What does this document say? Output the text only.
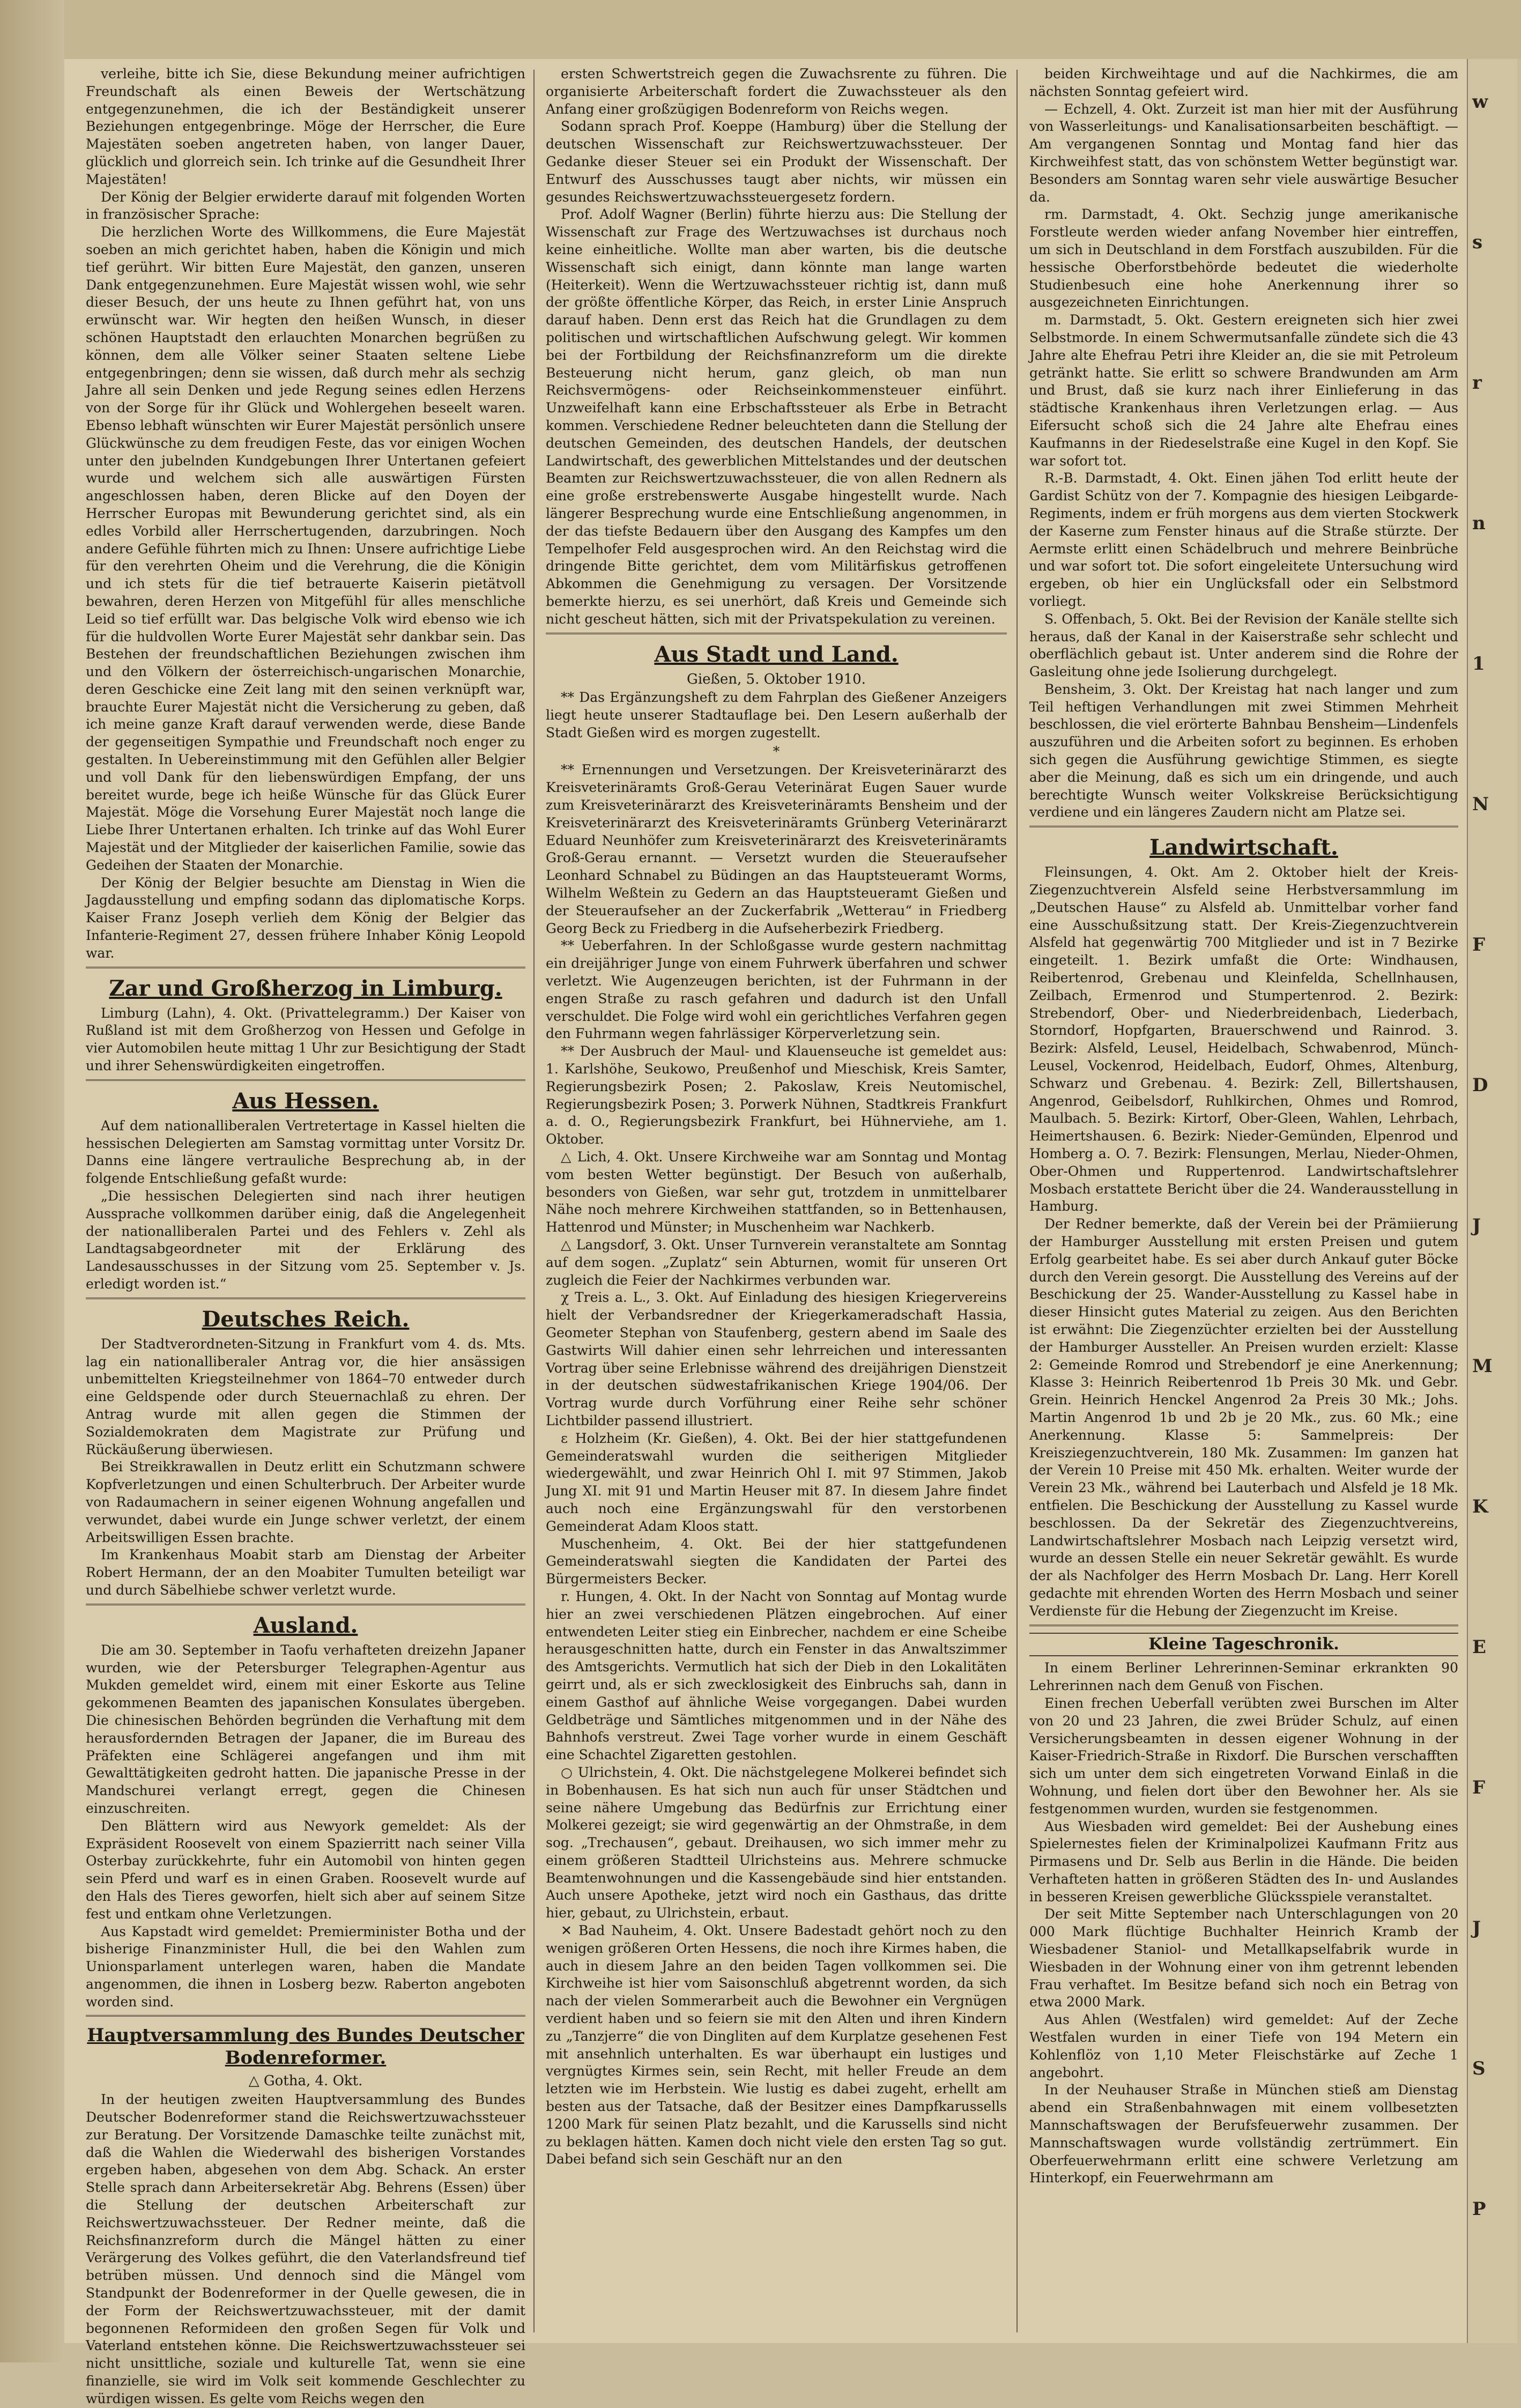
verleihe, bitte ich Sie, diese Bekundung meiner aufrichtigen Freundschaft als einen Beweis der Wertschätzung entgegenzunehmen, die ich der Beständigkeit unserer Beziehungen entgegenbringe. Möge der Herrscher, die Eure Majestäten soeben angetreten haben, von langer Dauer, glücklich und glorreich sein. Ich trinke auf die Gesundheit Ihrer Majestäten!

Der König der Belgier erwiderte darauf mit folgenden Worten in französischer Sprache:

Die herzlichen Worte des Willkommens, die Eure Majestät soeben an mich gerichtet haben, haben die Königin und mich tief gerührt. Wir bitten Eure Majestät, den ganzen, unseren Dank entgegenzunehmen. Eure Majestät wissen wohl, wie sehr dieser Besuch, der uns heute zu Ihnen geführt hat, von uns erwünscht war. Wir hegten den heißen Wunsch, in dieser schönen Hauptstadt den erlauchten Monarchen begrüßen zu können, dem alle Völker seiner Staaten seltene Liebe entgegenbringen; denn sie wissen, daß durch mehr als sechzig Jahre all sein Denken und jede Regung seines edlen Herzens von der Sorge für ihr Glück und Wohlergehen beseelt waren. Ebenso lebhaft wünschten wir Eurer Majestät persönlich unsere Glückwünsche zu dem freudigen Feste, das vor einigen Wochen unter den jubelnden Kundgebungen Ihrer Untertanen gefeiert wurde und welchem sich alle auswärtigen Fürsten angeschlossen haben, deren Blicke auf den Doyen der Herrscher Europas mit Bewunderung gerichtet sind, als ein edles Vorbild aller Herrschertugenden, darzubringen. Noch andere Gefühle führten mich zu Ihnen: Unsere aufrichtige Liebe für den verehrten Oheim und die Verehrung, die die Königin und ich stets für die tief betrauerte Kaiserin pietätvoll bewahren, deren Herzen von Mitgefühl für alles menschliche Leid so tief erfüllt war. Das belgische Volk wird ebenso wie ich für die huldvollen Worte Eurer Majestät sehr dankbar sein. Das Bestehen der freundschaftlichen Beziehungen zwischen ihm und den Völkern der österreichisch-ungarischen Monarchie, deren Geschicke eine Zeit lang mit den seinen verknüpft war, brauchte Eurer Majestät nicht die Versicherung zu geben, daß ich meine ganze Kraft darauf verwenden werde, diese Bande der gegenseitigen Sympathie und Freundschaft noch enger zu gestalten. In Uebereinstimmung mit den Gefühlen aller Belgier und voll Dank für den liebenswürdigen Empfang, der uns bereitet wurde, bege ich heiße Wünsche für das Glück Eurer Majestät. Möge die Vorsehung Eurer Majestät noch lange die Liebe Ihrer Untertanen erhalten. Ich trinke auf das Wohl Eurer Majestät und der Mitglieder der kaiserlichen Familie, sowie das Gedeihen der Staaten der Monarchie.

Der König der Belgier besuchte am Dienstag in Wien die Jagdausstellung und empfing sodann das diplomatische Korps. Kaiser Franz Joseph verlieh dem König der Belgier das Infanterie-Regiment 27, dessen frühere Inhaber König Leopold war.

Zar und Großherzog in Limburg.

Limburg (Lahn), 4. Okt. (Privattelegramm.) Der Kaiser von Rußland ist mit dem Großherzog von Hessen und Gefolge in vier Automobilen heute mittag 1 Uhr zur Besichtigung der Stadt und ihrer Sehenswürdigkeiten eingetroffen.

Aus Hessen.

Auf dem nationalliberalen Vertretertage in Kassel hielten die hessischen Delegierten am Samstag vormittag unter Vorsitz Dr. Danns eine längere vertrauliche Besprechung ab, in der folgende Entschließung gefaßt wurde:

„Die hessischen Delegierten sind nach ihrer heutigen Aussprache vollkommen darüber einig, daß die Angelegenheit der nationalliberalen Partei und des Fehlers v. Zehl als Landtagsabgeordneter mit der Erklärung des Landesausschusses in der Sitzung vom 25. September v. Js. erledigt worden ist.“

Deutsches Reich.

Der Stadtverordneten-Sitzung in Frankfurt vom 4. ds. Mts. lag ein nationalliberaler Antrag vor, die hier ansässigen unbemittelten Kriegsteilnehmer von 1864–70 entweder durch eine Geldspende oder durch Steuernachlaß zu ehren. Der Antrag wurde mit allen gegen die Stimmen der Sozialdemokraten dem Magistrate zur Prüfung und Rückäußerung überwiesen.

Bei Streikkrawallen in Deutz erlitt ein Schutzmann schwere Kopfverletzungen und einen Schulterbruch. Der Arbeiter wurde von Radaumachern in seiner eigenen Wohnung angefallen und verwundet, dabei wurde ein Junge schwer verletzt, der einem Arbeitswilligen Essen brachte.

Im Krankenhaus Moabit starb am Dienstag der Arbeiter Robert Hermann, der an den Moabiter Tumulten beteiligt war und durch Säbelhiebe schwer verletzt wurde.

Ausland.

Die am 30. September in Taofu verhafteten dreizehn Japaner wurden, wie der Petersburger Telegraphen-Agentur aus Mukden gemeldet wird, einem mit einer Eskorte aus Teline gekommenen Beamten des japanischen Konsulates übergeben. Die chinesischen Behörden begründen die Verhaftung mit dem herausfordernden Betragen der Japaner, die im Bureau des Präfekten eine Schlägerei angefangen und ihm mit Gewalttätigkeiten gedroht hatten. Die japanische Presse in der Mandschurei verlangt erregt, gegen die Chinesen einzuschreiten.

Den Blättern wird aus Newyork gemeldet: Als der Expräsident Roosevelt von einem Spazierritt nach seiner Villa Osterbay zurückkehrte, fuhr ein Automobil von hinten gegen sein Pferd und warf es in einen Graben. Roosevelt wurde auf den Hals des Tieres geworfen, hielt sich aber auf seinem Sitze fest und entkam ohne Verletzungen.

Aus Kapstadt wird gemeldet: Premierminister Botha und der bisherige Finanzminister Hull, die bei den Wahlen zum Unionsparlament unterlegen waren, haben die Mandate angenommen, die ihnen in Losberg bezw. Raberton angeboten worden sind.

Hauptversammlung des Bundes Deutscher Bodenreformer.
△ Gotha, 4. Okt.

In der heutigen zweiten Hauptversammlung des Bundes Deutscher Bodenreformer stand die Reichswertzuwachssteuer zur Beratung. Der Vorsitzende Damaschke teilte zunächst mit, daß die Wahlen die Wiederwahl des bisherigen Vorstandes ergeben haben, abgesehen von dem Abg. Schack. An erster Stelle sprach dann Arbeitersekretär Abg. Behrens (Essen) über die Stellung der deutschen Arbeiterschaft zur Reichswertzuwachssteuer. Der Redner meinte, daß die Reichsfinanzreform durch die Mängel hätten zu einer Verärgerung des Volkes geführt, die den Vaterlandsfreund tief betrüben müssen. Und dennoch sind die Mängel vom Standpunkt der Bodenreformer in der Quelle gewesen, die in der Form der Reichswertzuwachssteuer, mit der damit begonnenen Reformideen den großen Segen für Volk und Vaterland entstehen könne. Die Reichswertzuwachssteuer sei nicht unsittliche, soziale und kulturelle Tat, wenn sie eine finanzielle, sie wird im Volk seit kommende Geschlechter zu würdigen wissen. Es gelte vom Reichs wegen den

ersten Schwertstreich gegen die Zuwachsrente zu führen. Die organisierte Arbeiterschaft fordert die Zuwachssteuer als den Anfang einer großzügigen Bodenreform von Reichs wegen.

Sodann sprach Prof. Koeppe (Hamburg) über die Stellung der deutschen Wissenschaft zur Reichswertzuwachssteuer. Der Gedanke dieser Steuer sei ein Produkt der Wissenschaft. Der Entwurf des Ausschusses taugt aber nichts, wir müssen ein gesundes Reichswertzuwachssteuergesetz fordern.

Prof. Adolf Wagner (Berlin) führte hierzu aus: Die Stellung der Wissenschaft zur Frage des Wertzuwachses ist durchaus noch keine einheitliche. Wollte man aber warten, bis die deutsche Wissenschaft sich einigt, dann könnte man lange warten (Heiterkeit). Wenn die Wertzuwachssteuer richtig ist, dann muß der größte öffentliche Körper, das Reich, in erster Linie Anspruch darauf haben. Denn erst das Reich hat die Grundlagen zu dem politischen und wirtschaftlichen Aufschwung gelegt. Wir kommen bei der Fortbildung der Reichsfinanzreform um die direkte Besteuerung nicht herum, ganz gleich, ob man nun Reichsvermögens- oder Reichseinkommensteuer einführt. Unzweifelhaft kann eine Erbschaftssteuer als Erbe in Betracht kommen. Verschiedene Redner beleuchteten dann die Stellung der deutschen Gemeinden, des deutschen Handels, der deutschen Landwirtschaft, des gewerblichen Mittelstandes und der deutschen Beamten zur Reichswertzuwachssteuer, die von allen Rednern als eine große erstrebenswerte Ausgabe hingestellt wurde. Nach längerer Besprechung wurde eine Entschließung angenommen, in der das tiefste Bedauern über den Ausgang des Kampfes um den Tempelhofer Feld ausgesprochen wird. An den Reichstag wird die dringende Bitte gerichtet, dem vom Militärfiskus getroffenen Abkommen die Genehmigung zu versagen. Der Vorsitzende bemerkte hierzu, es sei unerhört, daß Kreis und Gemeinde sich nicht gescheut hätten, sich mit der Privatspekulation zu vereinen.

Aus Stadt und Land.
Gießen, 5. Oktober 1910.

** Das Ergänzungsheft zu dem Fahrplan des Gießener Anzeigers liegt heute unserer Stadtauflage bei. Den Lesern außerhalb der Stadt Gießen wird es morgen zugestellt.

*

** Ernennungen und Versetzungen. Der Kreisveterinärarzt des Kreisveterinäramts Groß-Gerau Veterinärat Eugen Sauer wurde zum Kreisveterinärarzt des Kreisveterinäramts Bensheim und der Kreisveterinärarzt des Kreisveterinäramts Grünberg Veterinärarzt Eduard Neunhöfer zum Kreisveterinärarzt des Kreisveterinäramts Groß-Gerau ernannt. — Versetzt wurden die Steueraufseher Leonhard Schnabel zu Büdingen an das Hauptsteueramt Worms, Wilhelm Weßtein zu Gedern an das Hauptsteueramt Gießen und der Steueraufseher an der Zuckerfabrik „Wetterau“ in Friedberg Georg Beck zu Friedberg in die Aufseherbezirk Friedberg.

** Ueberfahren. In der Schloßgasse wurde gestern nachmittag ein dreijähriger Junge von einem Fuhrwerk überfahren und schwer verletzt. Wie Augenzeugen berichten, ist der Fuhrmann in der engen Straße zu rasch gefahren und dadurch ist den Unfall verschuldet. Die Folge wird wohl ein gerichtliches Verfahren gegen den Fuhrmann wegen fahrlässiger Körperverletzung sein.

** Der Ausbruch der Maul- und Klauenseuche ist gemeldet aus: 1. Karlshöhe, Seukowo, Preußenhof und Mieschisk, Kreis Samter, Regierungsbezirk Posen; 2. Pakoslaw, Kreis Neutomischel, Regierungsbezirk Posen; 3. Porwerk Nühnen, Stadtkreis Frankfurt a. d. O., Regierungsbezirk Frankfurt, bei Hühnerviehe, am 1. Oktober.

△ Lich, 4. Okt. Unsere Kirchweihe war am Sonntag und Montag vom besten Wetter begünstigt. Der Besuch von außerhalb, besonders von Gießen, war sehr gut, trotzdem in unmittelbarer Nähe noch mehrere Kirchweihen stattfanden, so in Bettenhausen, Hattenrod und Münster; in Muschenheim war Nachkerb.

△ Langsdorf, 3. Okt. Unser Turnverein veranstaltete am Sonntag auf dem sogen. „Zuplatz“ sein Abturnen, womit für unseren Ort zugleich die Feier der Nachkirmes verbunden war.

χ Treis a. L., 3. Okt. Auf Einladung des hiesigen Kriegervereins hielt der Verbandsredner der Kriegerkameradschaft Hassia, Geometer Stephan von Staufenberg, gestern abend im Saale des Gastwirts Will dahier einen sehr lehrreichen und interessanten Vortrag über seine Erlebnisse während des dreijährigen Dienstzeit in der deutschen südwestafrikanischen Kriege 1904/06. Der Vortrag wurde durch Vorführung einer Reihe sehr schöner Lichtbilder passend illustriert.

ε Holzheim (Kr. Gießen), 4. Okt. Bei der hier stattgefundenen Gemeinderatswahl wurden die seitherigen Mitglieder wiedergewählt, und zwar Heinrich Ohl I. mit 97 Stimmen, Jakob Jung XI. mit 91 und Martin Heuser mit 87. In diesem Jahre findet auch noch eine Ergänzungswahl für den verstorbenen Gemeinderat Adam Kloos statt.

Muschenheim, 4. Okt. Bei der hier stattgefundenen Gemeinderatswahl siegten die Kandidaten der Partei des Bürgermeisters Becker.

r. Hungen, 4. Okt. In der Nacht von Sonntag auf Montag wurde hier an zwei verschiedenen Plätzen eingebrochen. Auf einer entwendeten Leiter stieg ein Einbrecher, nachdem er eine Scheibe herausgeschnitten hatte, durch ein Fenster in das Anwaltszimmer des Amtsgerichts. Vermutlich hat sich der Dieb in den Lokalitäten geirrt und, als er sich zwecklosigkeit des Einbruchs sah, dann in einem Gasthof auf ähnliche Weise vorgegangen. Dabei wurden Geldbeträge und Sämtliches mitgenommen und in der Nähe des Bahnhofs verstreut. Zwei Tage vorher wurde in einem Geschäft eine Schachtel Zigaretten gestohlen.

○ Ulrichstein, 4. Okt. Die nächstgelegene Molkerei befindet sich in Bobenhausen. Es hat sich nun auch für unser Städtchen und seine nähere Umgebung das Bedürfnis zur Errichtung einer Molkerei gezeigt; sie wird gegenwärtig an der Ohmstraße, in dem sog. „Trechausen“, gebaut. Dreihausen, wo sich immer mehr zu einem größeren Stadtteil Ulrichsteins aus. Mehrere schmucke Beamtenwohnungen und die Kassengebäude sind hier entstanden. Auch unsere Apotheke, jetzt wird noch ein Gasthaus, das dritte hier, gebaut, zu Ulrichstein, erbaut.

✕ Bad Nauheim, 4. Okt. Unsere Badestadt gehört noch zu den wenigen größeren Orten Hessens, die noch ihre Kirmes haben, die auch in diesem Jahre an den beiden Tagen vollkommen sei. Die Kirchweihe ist hier vom Saisonschluß abgetrennt worden, da sich nach der vielen Sommerarbeit auch die Bewohner ein Vergnügen verdient haben und so feiern sie mit den Alten und ihren Kindern zu „Tanzjerre“ die von Dingliten auf dem Kurplatze gesehenen Fest mit ansehnlich unterhalten. Es war überhaupt ein lustiges und vergnügtes Kirmes sein, sein Recht, mit heller Freude an dem letzten wie im Herbstein. Wie lustig es dabei zugeht, erhellt am besten aus der Tatsache, daß der Besitzer eines Dampfkarussells 1200 Mark für seinen Platz bezahlt, und die Karussells sind nicht zu beklagen hätten. Kamen doch nicht viele den ersten Tag so gut. Dabei befand sich sein Geschäft nur an den

beiden Kirchweihtage und auf die Nachkirmes, die am nächsten Sonntag gefeiert wird.

— Echzell, 4. Okt. Zurzeit ist man hier mit der Ausführung von Wasserleitungs- und Kanalisationsarbeiten beschäftigt. — Am vergangenen Sonntag und Montag fand hier das Kirchweihfest statt, das von schönstem Wetter begünstigt war. Besonders am Sonntag waren sehr viele auswärtige Besucher da.

rm. Darmstadt, 4. Okt. Sechzig junge amerikanische Forstleute werden wieder anfang November hier eintreffen, um sich in Deutschland in dem Forstfach auszubilden. Für die hessische Oberforstbehörde bedeutet die wiederholte Studienbesuch eine hohe Anerkennung ihrer so ausgezeichneten Einrichtungen.

m. Darmstadt, 5. Okt. Gestern ereigneten sich hier zwei Selbstmorde. In einem Schwermutsanfalle zündete sich die 43 Jahre alte Ehefrau Petri ihre Kleider an, die sie mit Petroleum getränkt hatte. Sie erlitt so schwere Brandwunden am Arm und Brust, daß sie kurz nach ihrer Einlieferung in das städtische Krankenhaus ihren Verletzungen erlag. — Aus Eifersucht schoß sich die 24 Jahre alte Ehefrau eines Kaufmanns in der Riedeselstraße eine Kugel in den Kopf. Sie war sofort tot.

R.-B. Darmstadt, 4. Okt. Einen jähen Tod erlitt heute der Gardist Schütz von der 7. Kompagnie des hiesigen Leibgarde-Regiments, indem er früh morgens aus dem vierten Stockwerk der Kaserne zum Fenster hinaus auf die Straße stürzte. Der Aermste erlitt einen Schädelbruch und mehrere Beinbrüche und war sofort tot. Die sofort eingeleitete Untersuchung wird ergeben, ob hier ein Unglücksfall oder ein Selbstmord vorliegt.

S. Offenbach, 5. Okt. Bei der Revision der Kanäle stellte sich heraus, daß der Kanal in der Kaiserstraße sehr schlecht und oberflächlich gebaut ist. Unter anderem sind die Rohre der Gasleitung ohne jede Isolierung durchgelegt.

Bensheim, 3. Okt. Der Kreistag hat nach langer und zum Teil heftigen Verhandlungen mit zwei Stimmen Mehrheit beschlossen, die viel erörterte Bahnbau Bensheim—Lindenfels auszuführen und die Arbeiten sofort zu beginnen. Es erhoben sich gegen die Ausführung gewichtige Stimmen, es siegte aber die Meinung, daß es sich um ein dringende, und auch berechtigte Wunsch weiter Volkskreise Berücksichtigung verdiene und ein längeres Zaudern nicht am Platze sei.

Landwirtschaft.

Fleinsungen, 4. Okt. Am 2. Oktober hielt der Kreis-Ziegenzuchtverein Alsfeld seine Herbstversammlung im „Deutschen Hause“ zu Alsfeld ab. Unmittelbar vorher fand eine Ausschußsitzung statt. Der Kreis-Ziegenzuchtverein Alsfeld hat gegenwärtig 700 Mitglieder und ist in 7 Bezirke eingeteilt. 1. Bezirk umfaßt die Orte: Windhausen, Reibertenrod, Grebenau und Kleinfelda, Schellnhausen, Zeilbach, Ermenrod und Stumpertenrod. 2. Bezirk: Strebendorf, Ober- und Niederbreidenbach, Liederbach, Storndorf, Hopfgarten, Brauerschwend und Rainrod. 3. Bezirk: Alsfeld, Leusel, Heidelbach, Schwabenrod, Münch-Leusel, Vockenrod, Heidelbach, Eudorf, Ohmes, Altenburg, Schwarz und Grebenau. 4. Bezirk: Zell, Billertshausen, Angenrod, Geibelsdorf, Ruhlkirchen, Ohmes und Romrod, Maulbach. 5. Bezirk: Kirtorf, Ober-Gleen, Wahlen, Lehrbach, Heimertshausen. 6. Bezirk: Nieder-Gemünden, Elpenrod und Homberg a. O. 7. Bezirk: Flensungen, Merlau, Nieder-Ohmen, Ober-Ohmen und Ruppertenrod. Landwirtschaftslehrer Mosbach erstattete Bericht über die 24. Wanderausstellung in Hamburg.

Der Redner bemerkte, daß der Verein bei der Prämiierung der Hamburger Ausstellung mit ersten Preisen und gutem Erfolg gearbeitet habe. Es sei aber durch Ankauf guter Böcke durch den Verein gesorgt. Die Ausstellung des Vereins auf der Beschickung der 25. Wander-Ausstellung zu Kassel habe in dieser Hinsicht gutes Material zu zeigen. Aus den Berichten ist erwähnt: Die Ziegenzüchter erzielten bei der Ausstellung der Hamburger Aussteller. An Preisen wurden erzielt: Klasse 2: Gemeinde Romrod und Strebendorf je eine Anerkennung; Klasse 3: Heinrich Reibertenrod 1b Preis 30 Mk. und Gebr. Grein. Heinrich Henckel Angenrod 2a Preis 30 Mk.; Johs. Martin Angenrod 1b und 2b je 20 Mk., zus. 60 Mk.; eine Anerkennung. Klasse 5: Sammelpreis: Der Kreisziegenzuchtverein, 180 Mk. Zusammen: Im ganzen hat der Verein 10 Preise mit 450 Mk. erhalten. Weiter wurde der Verein 23 Mk., während bei Lauterbach und Alsfeld je 18 Mk. entfielen. Die Beschickung der Ausstellung zu Kassel wurde beschlossen. Da der Sekretär des Ziegenzuchtvereins, Landwirtschaftslehrer Mosbach nach Leipzig versetzt wird, wurde an dessen Stelle ein neuer Sekretär gewählt. Es wurde der als Nachfolger des Herrn Mosbach Dr. Lang. Herr Korell gedachte mit ehrenden Worten des Herrn Mosbach und seiner Verdienste für die Hebung der Ziegenzucht im Kreise.

Kleine Tageschronik.

In einem Berliner Lehrerinnen-Seminar erkrankten 90 Lehrerinnen nach dem Genuß von Fischen.

Einen frechen Ueberfall verübten zwei Burschen im Alter von 20 und 23 Jahren, die zwei Brüder Schulz, auf einen Versicherungsbeamten in dessen eigener Wohnung in der Kaiser-Friedrich-Straße in Rixdorf. Die Burschen verschafften sich um unter dem sich eingetreten Vorwand Einlaß in die Wohnung, und fielen dort über den Bewohner her. Als sie festgenommen wurden, wurden sie festgenommen.

Aus Wiesbaden wird gemeldet: Bei der Aushebung eines Spielernestes fielen der Kriminalpolizei Kaufmann Fritz aus Pirmasens und Dr. Selb aus Berlin in die Hände. Die beiden Verhafteten hatten in größeren Städten des In- und Auslandes in besseren Kreisen gewerbliche Glücksspiele veranstaltet.

Der seit Mitte September nach Unterschlagungen von 20 000 Mark flüchtige Buchhalter Heinrich Kramb der Wiesbadener Staniol- und Metallkapselfabrik wurde in Wiesbaden in der Wohnung einer von ihm getrennt lebenden Frau verhaftet. Im Besitze befand sich noch ein Betrag von etwa 2000 Mark.

Aus Ahlen (Westfalen) wird gemeldet: Auf der Zeche Westfalen wurden in einer Tiefe von 194 Metern ein Kohlenflöz von 1,10 Meter Fleischstärke auf Zeche 1 angebohrt.

In der Neuhauser Straße in München stieß am Dienstag abend ein Straßenbahnwagen mit einem vollbesetzten Mannschaftswagen der Berufsfeuerwehr zusammen. Der Mannschaftswagen wurde vollständig zertrümmert. Ein Oberfeuerwehrmann erlitt eine schwere Verletzung am Hinterkopf, ein Feuerwehrmann am

w
s
r
n
1
N
F
D
J
M
K
E
F
J
S
P
